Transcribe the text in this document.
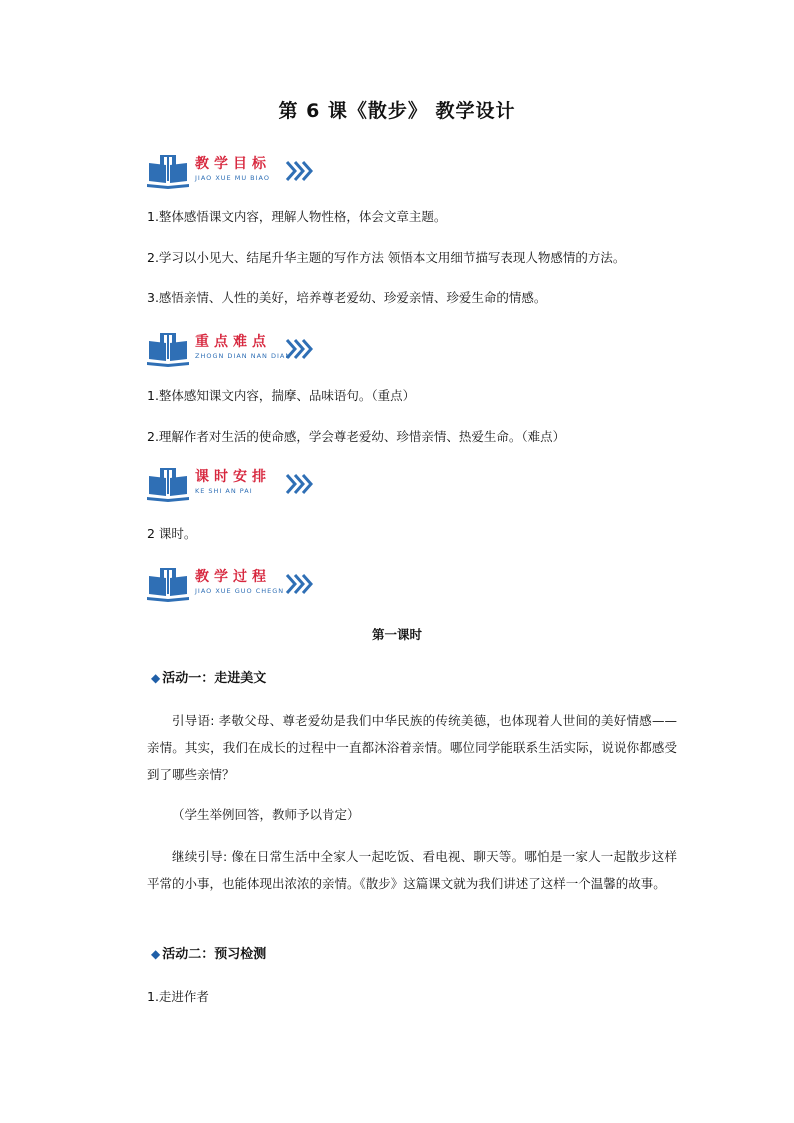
第 6 课《散步》 教学设计
教学目标
JIAO XUE MU BIAO
1.整体感悟课文内容，理解人物性格，体会文章主题。
2.学习以小见大、结尾升华主题的写作方法 领悟本文用细节描写表现人物感情的方法。
3.感悟亲情、人性的美好，培养尊老爱幼、珍爱亲情、珍爱生命的情感。
重点难点
ZHOGN DIAN NAN DIAN
1.整体感知课文内容，揣摩、品味语句。（重点）
2.理解作者对生活的使命感，学会尊老爱幼、珍惜亲情、热爱生命。（难点）
课时安排
KE SHI AN PAI
2 课时。
教学过程
JIAO XUE GUO CHEGN
第一课时
◆ 活动一：走进美文
引导语: 孝敬父母、尊老爱幼是我们中华民族的传统美德，也体现着人世间的美好情感——亲情。其实，我们在成长的过程中一直都沐浴着亲情。哪位同学能联系生活实际，说说你都感受到了哪些亲情？
（学生举例回答，教师予以肯定）
继续引导: 像在日常生活中全家人一起吃饭、看电视、聊天等。哪怕是一家人一起散步这样平常的小事，也能体现出浓浓的亲情。《散步》这篇课文就为我们讲述了这样一个温馨的故事。
◆ 活动二：预习检测
1.走进作者
